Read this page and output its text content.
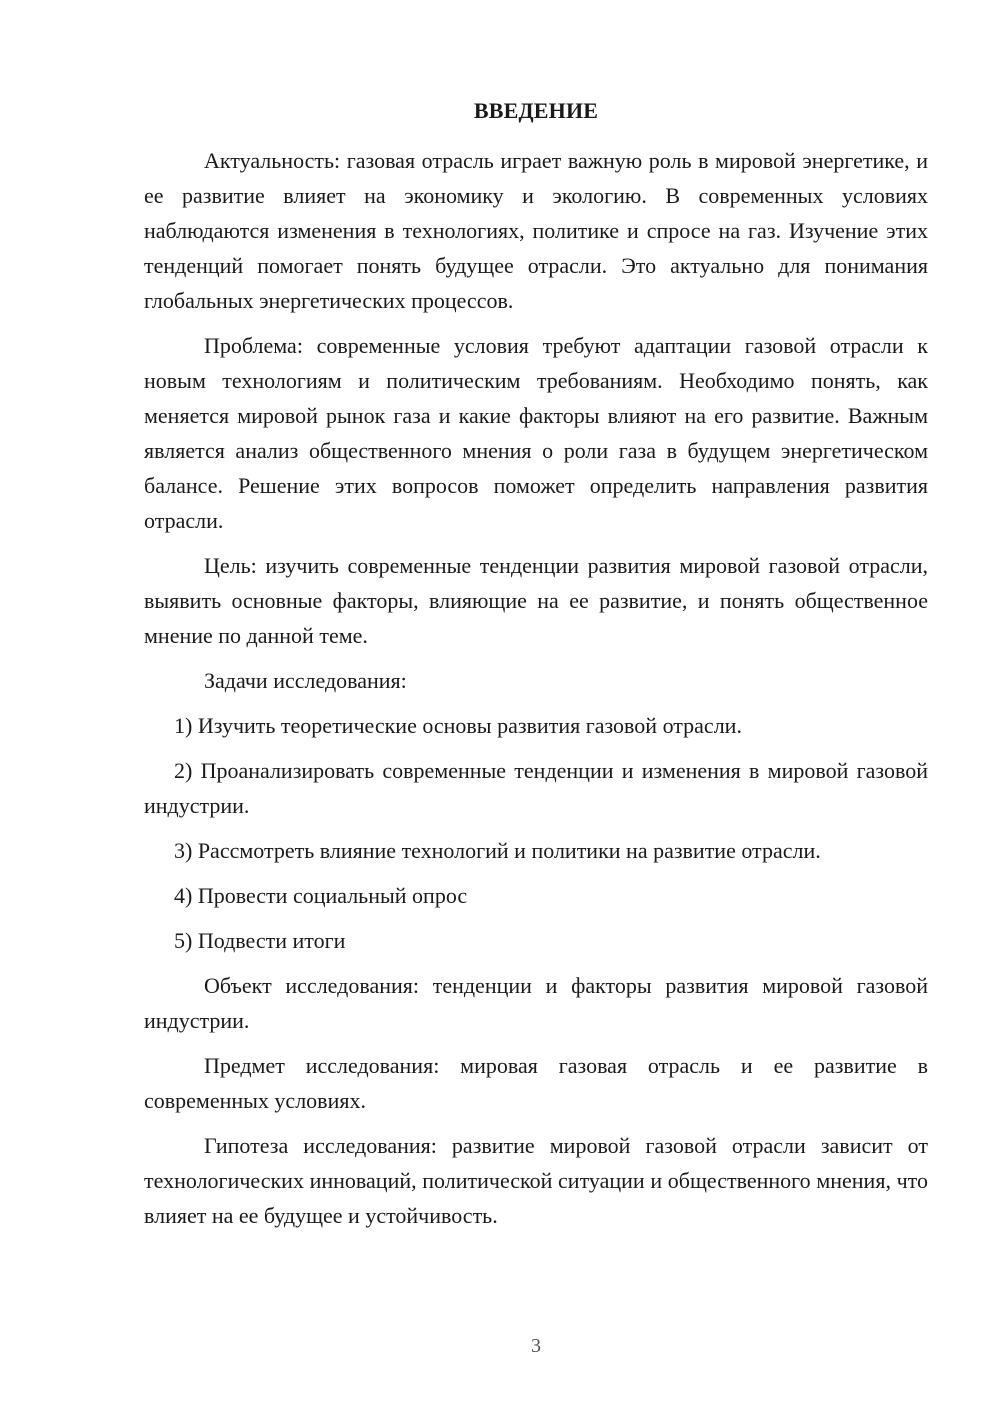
ВВЕДЕНИЕ

Актуальность: газовая отрасль играет важную роль в мировой энергетике, и ее развитие влияет на экономику и экологию. В современных условиях наблюдаются изменения в технологиях, политике и спросе на газ. Изучение этих тенденций помогает понять будущее отрасли. Это актуально для понимания глобальных энергетических процессов.

Проблема: современные условия требуют адаптации газовой отрасли к новым технологиям и политическим требованиям. Необходимо понять, как меняется мировой рынок газа и какие факторы влияют на его развитие. Важным является анализ общественного мнения о роли газа в будущем энергетическом балансе. Решение этих вопросов поможет определить направления развития отрасли.

Цель: изучить современные тенденции развития мировой газовой отрасли, выявить основные факторы, влияющие на ее развитие, и понять общественное мнение по данной теме.

Задачи исследования:

1) Изучить теоретические основы развития газовой отрасли.

2) Проанализировать современные тенденции и изменения в мировой газовой индустрии.

3) Рассмотреть влияние технологий и политики на развитие отрасли.

4) Провести социальный опрос

5) Подвести итоги

Объект исследования: тенденции и факторы развития мировой газовой индустрии.

Предмет исследования: мировая газовая отрасль и ее развитие в современных условиях.

Гипотеза исследования: развитие мировой газовой отрасли зависит от технологических инноваций, политической ситуации и общественного мнения, что влияет на ее будущее и устойчивость.

3
